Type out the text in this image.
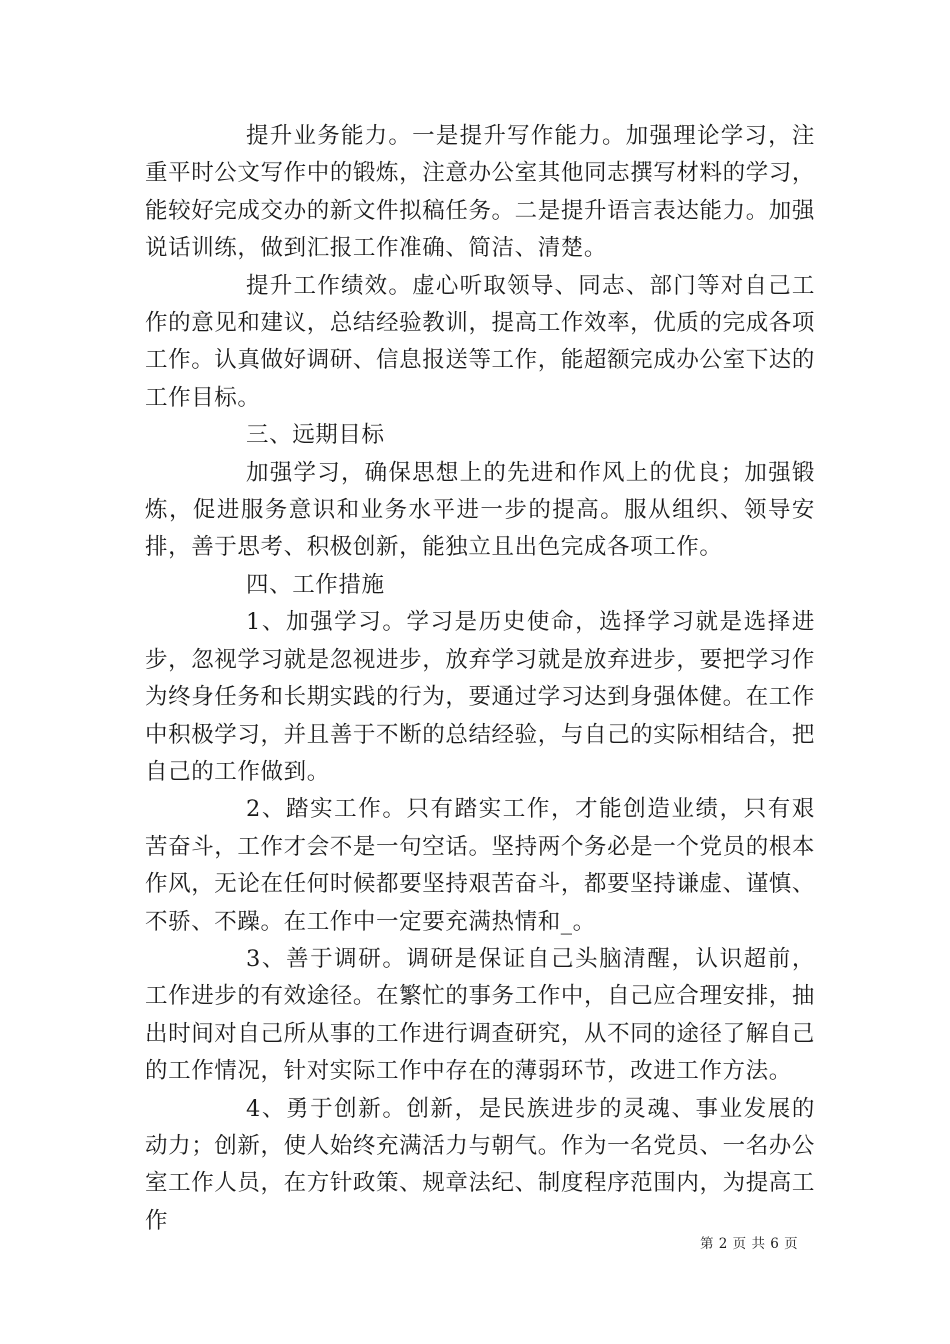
提升业务能力。一是提升写作能力。加强理论学习，注重平时公文写作中的锻炼，注意办公室其他同志撰写材料的学习，能较好完成交办的新文件拟稿任务。二是提升语言表达能力。加强说话训练，做到汇报工作准确、简洁、清楚。

提升工作绩效。虚心听取领导、同志、部门等对自己工作的意见和建议，总结经验教训，提高工作效率，优质的完成各项工作。认真做好调研、信息报送等工作，能超额完成办公室下达的工作目标。

三、远期目标

加强学习，确保思想上的先进和作风上的优良；加强锻炼，促进服务意识和业务水平进一步的提高。服从组织、领导安排，善于思考、积极创新，能独立且出色完成各项工作。

四、工作措施

1、加强学习。学习是历史使命，选择学习就是选择进步，忽视学习就是忽视进步，放弃学习就是放弃进步，要把学习作为终身任务和长期实践的行为，要通过学习达到身强体健。在工作中积极学习，并且善于不断的总结经验，与自己的实际相结合，把自己的工作做到。

2、踏实工作。只有踏实工作，才能创造业绩，只有艰苦奋斗，工作才会不是一句空话。坚持两个务必是一个党员的根本作风，无论在任何时候都要坚持艰苦奋斗，都要坚持谦虚、谨慎、不骄、不躁。在工作中一定要充满热情和_。

3、善于调研。调研是保证自己头脑清醒，认识超前，工作进步的有效途径。在繁忙的事务工作中，自己应合理安排，抽出时间对自己所从事的工作进行调查研究，从不同的途径了解自己的工作情况，针对实际工作中存在的薄弱环节，改进工作方法。

4、勇于创新。创新，是民族进步的灵魂、事业发展的动力；创新，使人始终充满活力与朝气。作为一名党员、一名办公室工作人员，在方针政策、规章法纪、制度程序范围内，为提高工作

第 2 页 共 6 页
